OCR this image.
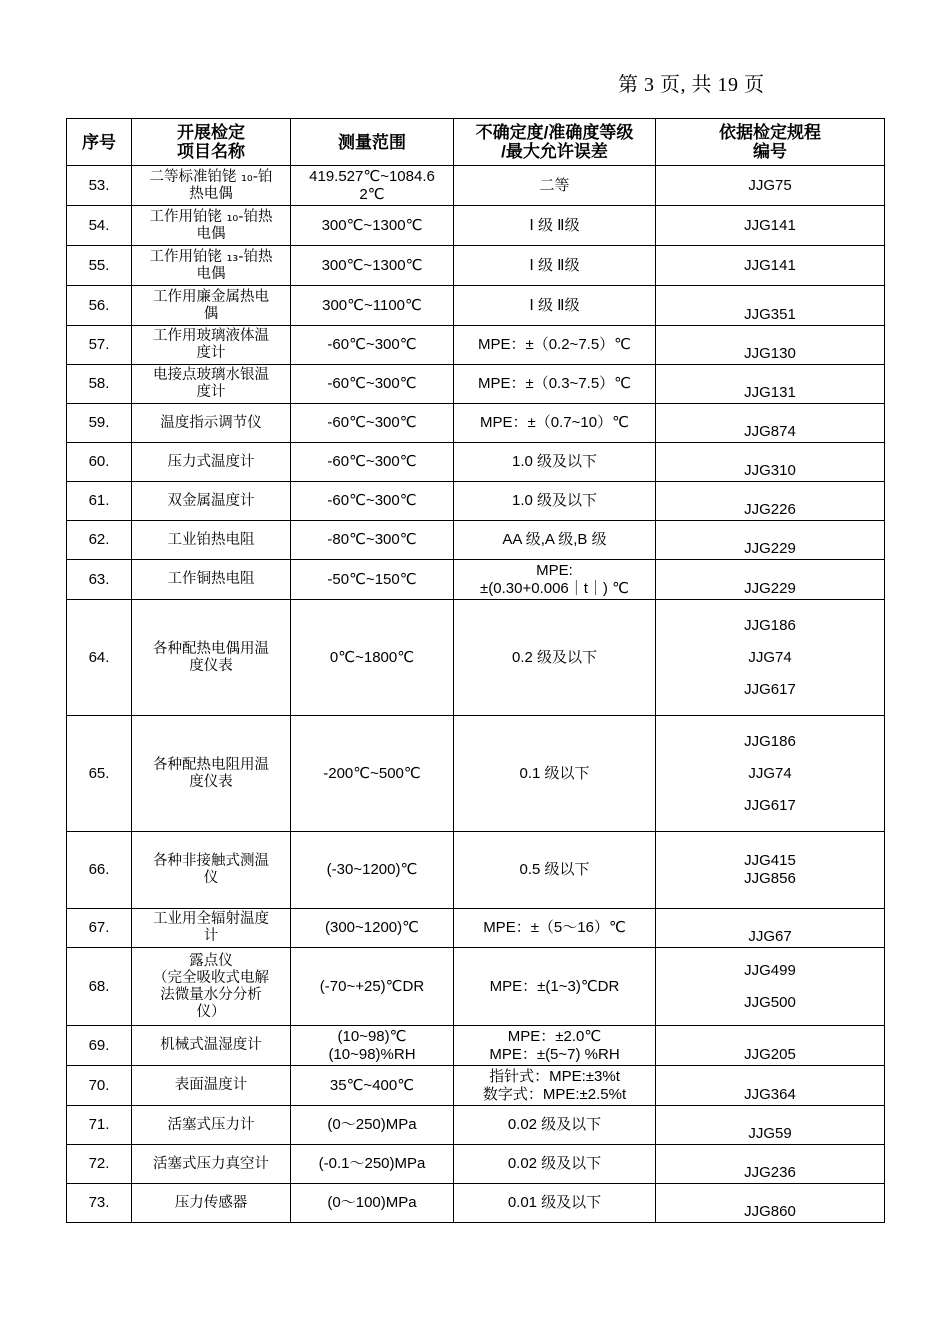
第 3 页, 共 19 页
序号	开展检定
项目名称	测量范围	不确定度/准确度等级
/最大允许误差	依据检定规程
编号

53.	二等标准铂铑 ₁₀-铂
热电偶	419.527℃~1084.6
2℃	二等	JJG75

54.	工作用铂铑 ₁₀-铂热
电偶	300℃~1300℃	Ⅰ 级 Ⅱ级	JJG141

55.	工作用铂铑 ₁₃-铂热
电偶	300℃~1300℃	Ⅰ 级 Ⅱ级	JJG141

56.	工作用廉金属热电
偶	300℃~1100℃	Ⅰ 级 Ⅱ级	JJG351

57.	工作用玻璃液体温
度计	-60℃~300℃	MPE：±（0.2~7.5）℃	JJG130

58.	电接点玻璃水银温
度计	-60℃~300℃	MPE：±（0.3~7.5）℃	JJG131

59.	温度指示调节仪	-60℃~300℃	MPE：±（0.7~10）℃	JJG874

60.	压力式温度计	-60℃~300℃	1.0 级及以下	JJG310

61.	双金属温度计	-60℃~300℃	1.0 级及以下	JJG226

62.	工业铂热电阻	-80℃~300℃	AA 级,A 级,B 级	JJG229

63.	工作铜热电阻	-50℃~150℃	MPE:
±(0.30+0.006｜t｜) ℃	JJG229

64.	各种配热电偶用温
度仪表	0℃~1800℃	0.2 级及以下	JJG186
JJG74
JJG617

65.	各种配热电阻用温
度仪表	-200℃~500℃	0.1 级以下	JJG186
JJG74
JJG617

66.	各种非接触式测温
仪	(-30~1200)℃	0.5 级以下	JJG415
JJG856

67.	工业用全辐射温度
计	(300~1200)℃	MPE：±（5～16）℃	JJG67

68.	露点仪
（完全吸收式电解
法微量水分分析
仪）	(-70~+25)℃DR	MPE：±(1~3)℃DR	JJG499
JJG500

69.	机械式温湿度计	(10~98)℃
(10~98)%RH	MPE：±2.0℃
MPE：±(5~7) %RH	JJG205

70.	表面温度计	35℃~400℃	指针式：MPE:±3%t
数字式：MPE:±2.5%t	JJG364

71.	活塞式压力计	(0～250)MPa	0.02 级及以下	JJG59

72.	活塞式压力真空计	(-0.1～250)MPa	0.02 级及以下	JJG236

73.	压力传感器	(0～100)MPa	0.01 级及以下	JJG860
